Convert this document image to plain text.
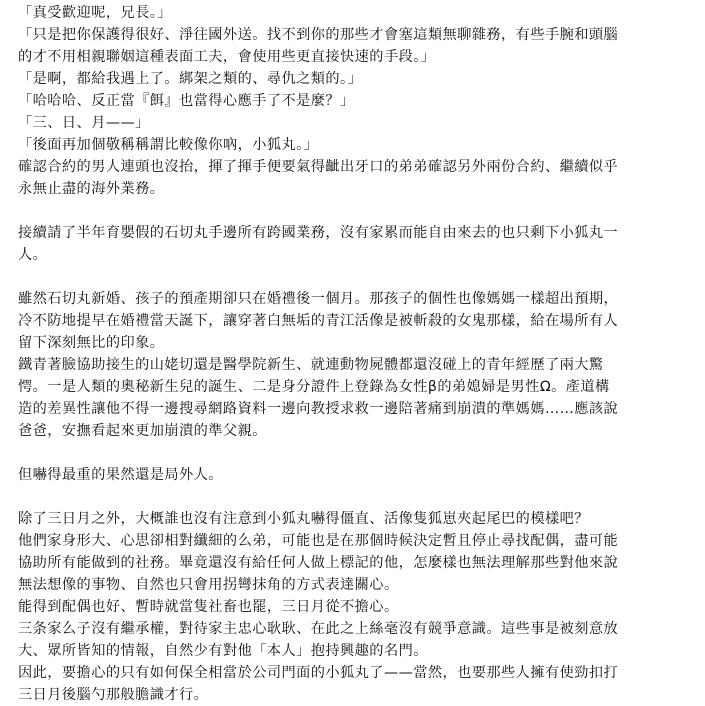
「真受歡迎呢，兄長。」
「只是把你保護得很好、淨往國外送。找不到你的那些才會塞這類無聊雜務，有些手腕和頭腦
的才不用相親聯姻這種表面工夫，會使用些更直接快速的手段。」
「是啊，都給我遇上了。綁架之類的、尋仇之類的。」
「哈哈哈、反正當『餌』也當得心應手了不是麼？」
「三、日、月——」
「後面再加個敬稱稱謂比較像你吶，小狐丸。」
確認合約的男人連頭也沒抬，揮了揮手便要氣得齜出牙口的弟弟確認另外兩份合約、繼續似乎
永無止盡的海外業務。
接續請了半年育嬰假的石切丸手邊所有跨國業務，沒有家累而能自由來去的也只剩下小狐丸一
人。
雖然石切丸新婚、孩子的預產期卻只在婚禮後一個月。那孩子的個性也像媽媽一樣超出預期，
冷不防地提早在婚禮當天誕下，讓穿著白無垢的青江活像是被斬殺的女鬼那樣，給在場所有人
留下深刻無比的印象。
鐵青著臉協助接生的山姥切還是醫學院新生、就連動物屍體都還沒碰上的青年經歷了兩大驚
愕。一是人類的奧秘新生兒的誕生、二是身分證件上登錄為女性β的弟媳婦是男性Ω。產道構
造的差異性讓他不得一邊搜尋網路資料一邊向教授求救一邊陪著痛到崩潰的準媽媽……應該說
爸爸，安撫看起來更加崩潰的準父親。
但嚇得最重的果然還是局外人。
除了三日月之外，大概誰也沒有注意到小狐丸嚇得僵直、活像隻狐崽夾起尾巴的模樣吧？
他們家身形大、心思卻相對纖細的么弟，可能也是在那個時候決定暫且停止尋找配偶，盡可能
協助所有能做到的社務。畢竟還沒有給任何人做上標記的他，怎麼樣也無法理解那些對他來說
無法想像的事物、自然也只會用拐彎抹角的方式表達關心。
能得到配偶也好、暫時就當隻社畜也罷，三日月從不擔心。
三条家么子沒有繼承權，對待家主忠心耿耿、在此之上絲毫沒有競爭意識。這些事是被刻意放
大、眾所皆知的情報，自然少有對他「本人」抱持興趣的名門。
因此，要擔心的只有如何保全相當於公司門面的小狐丸了——當然，也要那些人擁有使勁扣打
三日月後腦勺那般膽識才行。
